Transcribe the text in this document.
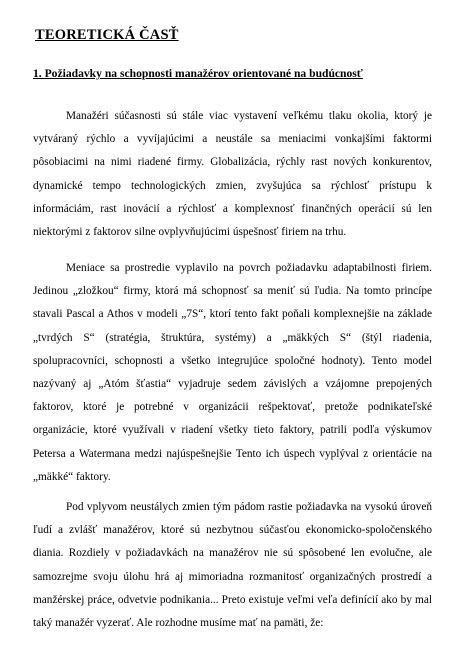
TEORETICKÁ ČASŤ
1. Požiadavky na schopnosti manažérov orientované na budúcnosť

Manažéri súčasnosti sú stále viac vystavení veľkému tlaku okolia, ktorý je vytváraný rýchlo a vyvíjajúcimi a neustále sa meniacimi vonkajšími faktormi pôsobiacimi na nimi riadené firmy. Globalizácia, rýchly rast nových konkurentov, dynamické tempo technologických zmien, zvyšujúca sa rýchlosť prístupu k informáciám, rast inovácií a rýchlosť a komplexnosť finančných operácií sú len niektorými z faktorov silne ovplyvňujúcimi úspešnosť firiem na trhu.

Meniace sa prostredie vyplavilo na povrch požiadavku adaptabilnosti firiem. Jedinou „zložkou“ firmy, ktorá má schopnosť sa meniť sú ľudia. Na tomto princípe stavali Pascal a Athos v modeli „7S“, ktorí tento fakt poňali komplexnejšie na základe „tvrdých S“ (stratégia, štruktúra, systémy) a „mäkkých S“ (štýl riadenia, spolupracovníci, schopnosti a všetko integrujúce spoločné hodnoty). Tento model nazývaný aj „Atóm šťastia“ vyjadruje sedem závislých a vzájomne prepojených faktorov, ktoré je potrebné v organizácii rešpektovať, pretože podnikateľské organizácie, ktoré využívali v riadení všetky tieto faktory, patrili podľa výskumov Petersa a Watermana medzi najúspešnejšie Tento ich úspech vyplýval z orientácie na „mäkké“ faktory.

Pod vplyvom neustálych zmien tým pádom rastie požiadavka na vysokú úroveň ľudí a zvlášť manažérov, ktoré sú nezbytnou súčasťou ekonomicko-spoločenského diania. Rozdiely v požiadavkách na manažérov nie sú spôsobené len evolučne, ale samozrejme svoju úlohu hrá aj mimoriadna rozmanitosť organizačných prostredí a manžérskej práce, odvetvie podnikania... Preto existuje veľmi veľa definícií ako by mal taký manažér vyzerať. Ale rozhodne musíme mať na pamäti, že:
